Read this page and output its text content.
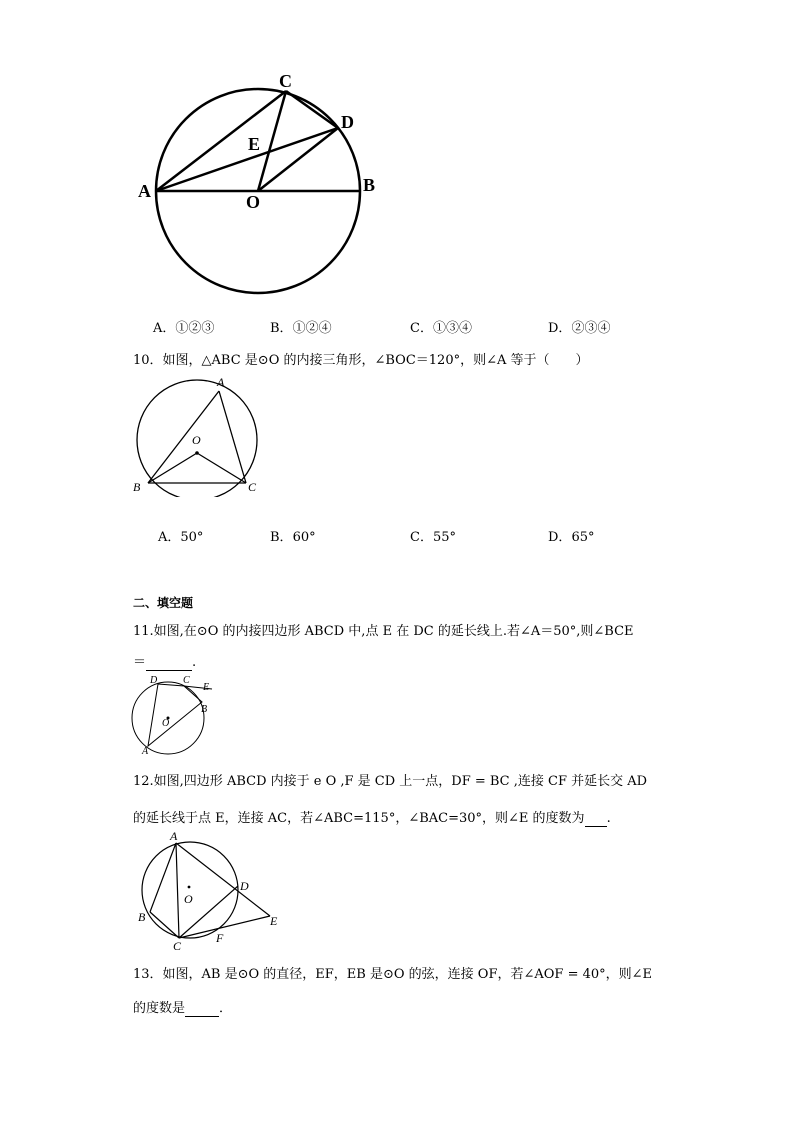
A	B
C
D
E
O
A．①②③	B．①②④	C．①③④	D．②③④
10．如图，△ABC 是⊙O 的内接三角形，∠BOC＝120°，则∠A 等于（　　）
A
O
B	C
A．50°	B．60°	C．55°	D．65°
二、填空题
11.如图,在⊙O 的内接四边形 ABCD 中,点 E 在 DC 的延长线上.若∠A＝50°,则∠BCE
＝	.
D	C
E
B
O
A
12.如图,四边形 ABCD 内接于 e O ,F 是 CD 上一点，DF = BC ,连接 CF 并延长交 AD
的延长线于点 E，连接 AC，若∠ABC=115°，∠BAC=30°，则∠E 的度数为 .
A
D
O
B	E
F
C
13．如图，AB 是⊙O 的直径，EF，EB 是⊙O 的弦，连接 OF，若∠AOF = 40°，则∠E
的度数是	．
